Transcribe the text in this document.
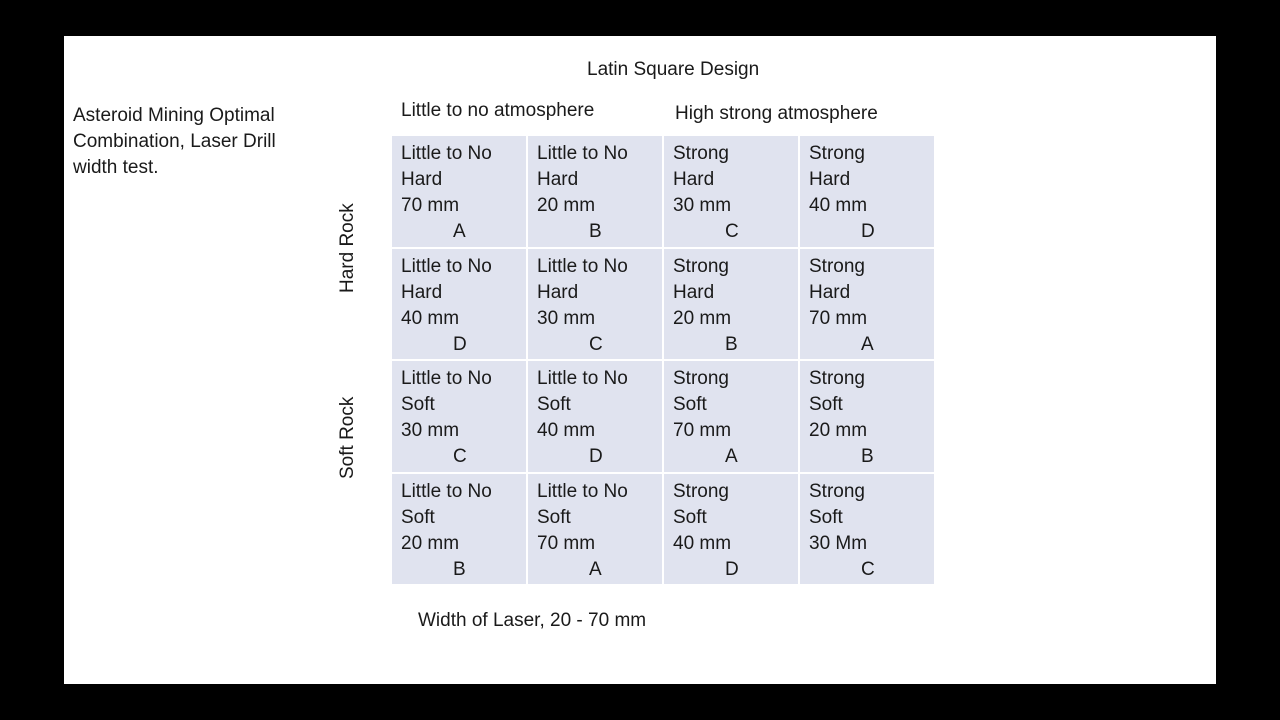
Latin Square Design
Asteroid Mining Optimal Combination, Laser Drill width test.
Little to no atmosphere	High strong atmosphere
Hard Rock
Soft Rock
Little to No
Hard
70 mm
A
Little to No
Hard
20 mm
B
Strong
Hard
30 mm
C
Strong
Hard
40 mm
D
Little to No
Hard
40 mm
D
Little to No
Hard
30 mm
C
Strong
Hard
20 mm
B
Strong
Hard
70 mm
A
Little to No
Soft
30 mm
C
Little to No
Soft
40 mm
D
Strong
Soft
70 mm
A
Strong
Soft
20 mm
B
Little to No
Soft
20 mm
B
Little to No
Soft
70 mm
A
Strong
Soft
40 mm
D
Strong
Soft
30 Mm
C
Width of Laser, 20 - 70 mm
